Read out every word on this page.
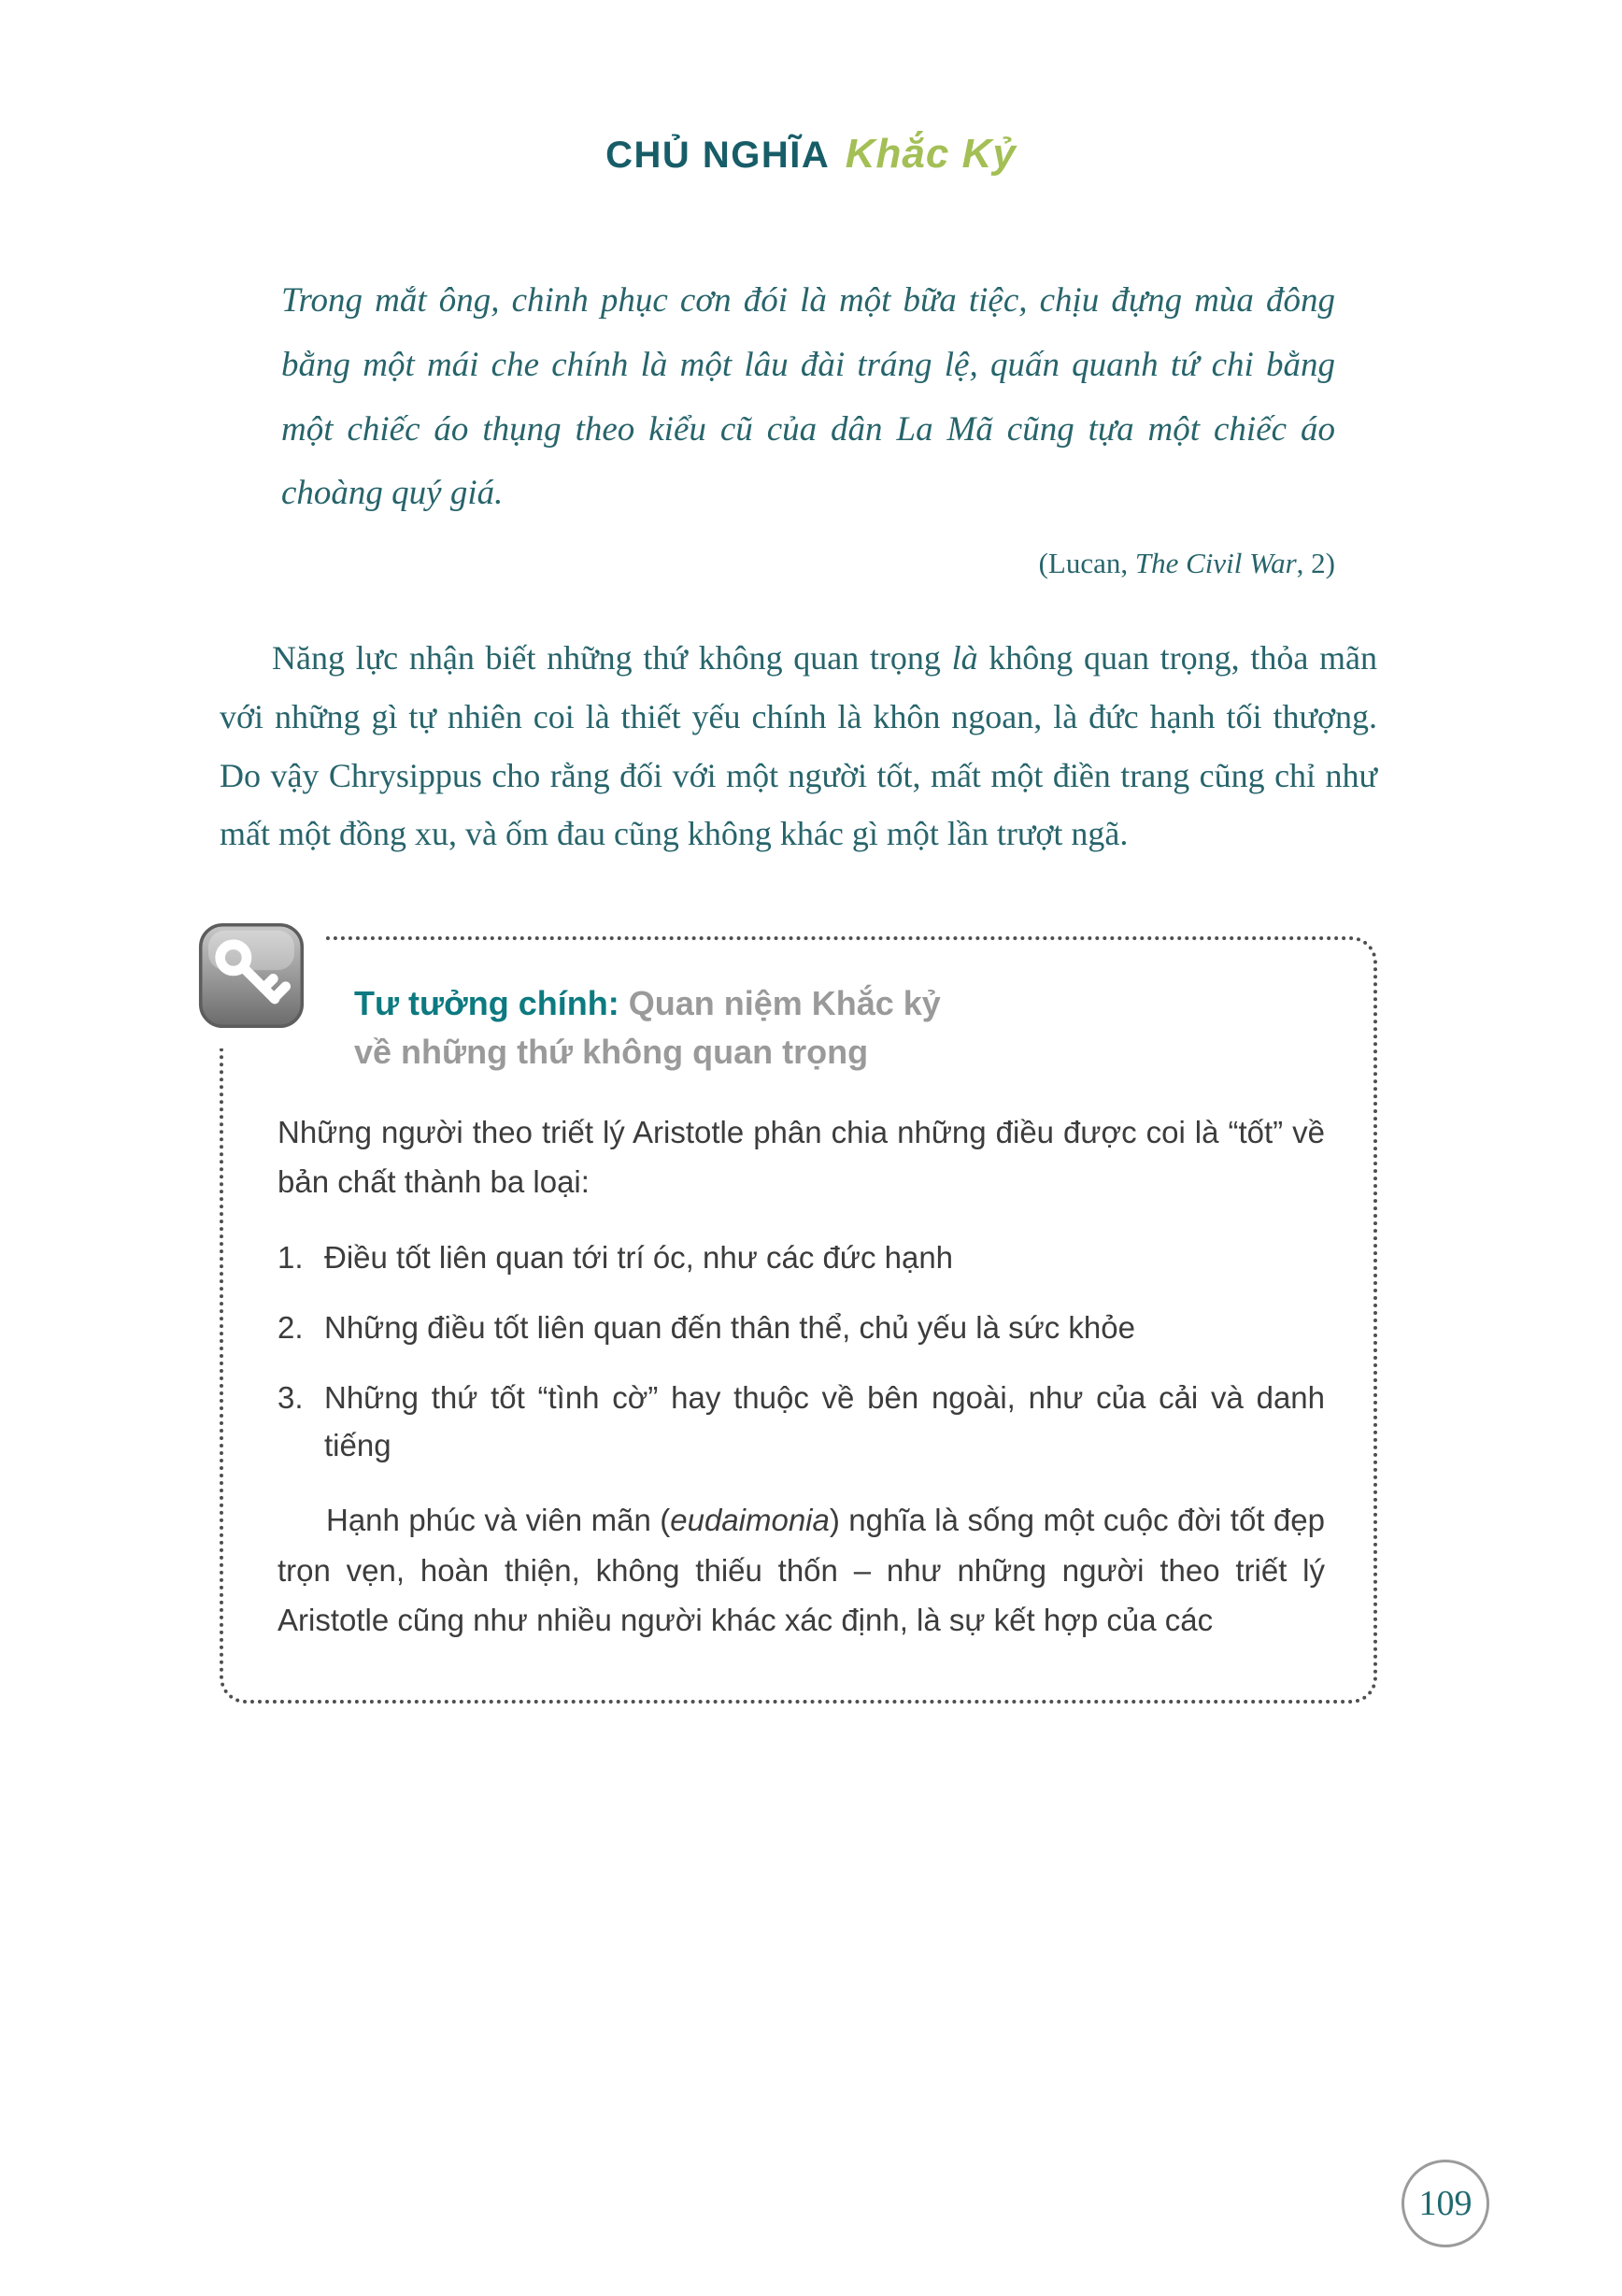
CHỦ NGHĨA Khắc Kỷ
Trong mắt ông, chinh phục cơn đói là một bữa tiệc, chịu đựng mùa đông bằng một mái che chính là một lâu đài tráng lệ, quấn quanh tứ chi bằng một chiếc áo thụng theo kiểu cũ của dân La Mã cũng tựa một chiếc áo choàng quý giá.
(Lucan, The Civil War, 2)

Năng lực nhận biết những thứ không quan trọng là không quan trọng, thỏa mãn với những gì tự nhiên coi là thiết yếu chính là khôn ngoan, là đức hạnh tối thượng. Do vậy Chrysippus cho rằng đối với một người tốt, mất một điền trang cũng chỉ như mất một đồng xu, và ốm đau cũng không khác gì một lần trượt ngã.

Tư tưởng chính: Quan niệm Khắc kỷ về những thứ không quan trọng

Những người theo triết lý Aristotle phân chia những điều được coi là “tốt” về bản chất thành ba loại:

1. Điều tốt liên quan tới trí óc, như các đức hạnh
2. Những điều tốt liên quan đến thân thể, chủ yếu là sức khỏe
3. Những thứ tốt “tình cờ” hay thuộc về bên ngoài, như của cải và danh tiếng

Hạnh phúc và viên mãn (eudaimonia) nghĩa là sống một cuộc đời tốt đẹp trọn vẹn, hoàn thiện, không thiếu thốn – như những người theo triết lý Aristotle cũng như nhiều người khác xác định, là sự kết hợp của các

109
